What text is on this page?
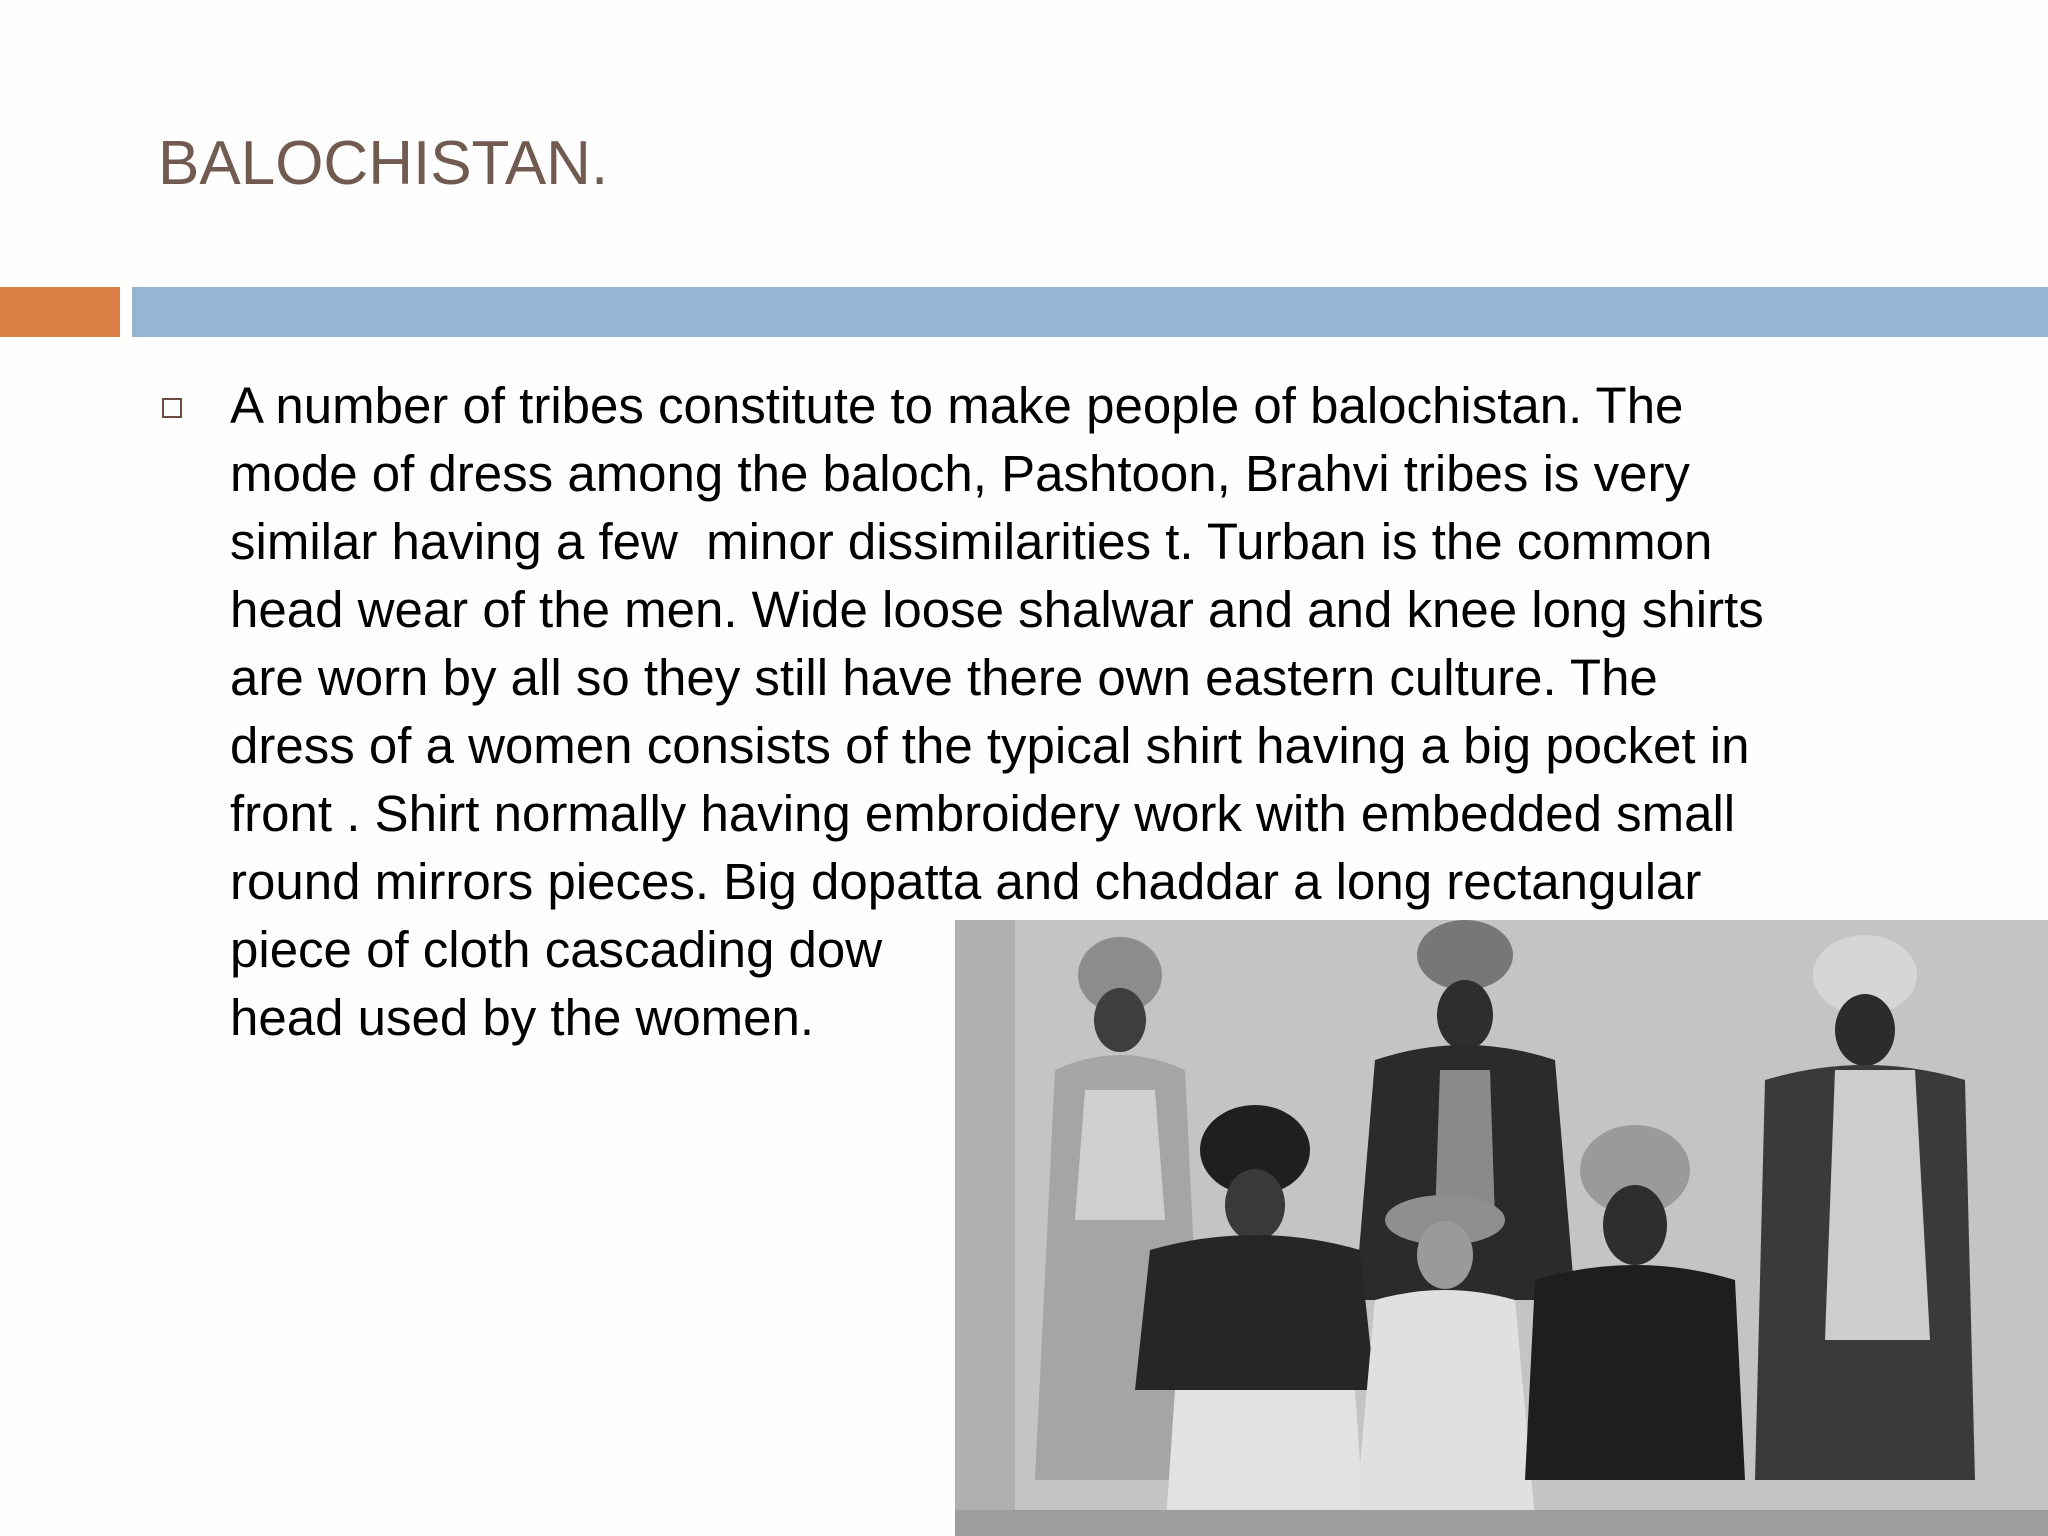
BALOCHISTAN.
A number of tribes constitute to make people of balochistan. The
mode of dress among the baloch, Pashtoon, Brahvi tribes is very
similar having a few  minor dissimilarities t. Turban is the common
head wear of the men. Wide loose shalwar and and knee long shirts
are worn by all so they still have there own eastern culture. The
dress of a women consists of the typical shirt having a big pocket in
front . Shirt normally having embroidery work with embedded small
round mirrors pieces. Big dopatta and chaddar a long rectangular
piece of cloth cascading dow
head used by the women.
